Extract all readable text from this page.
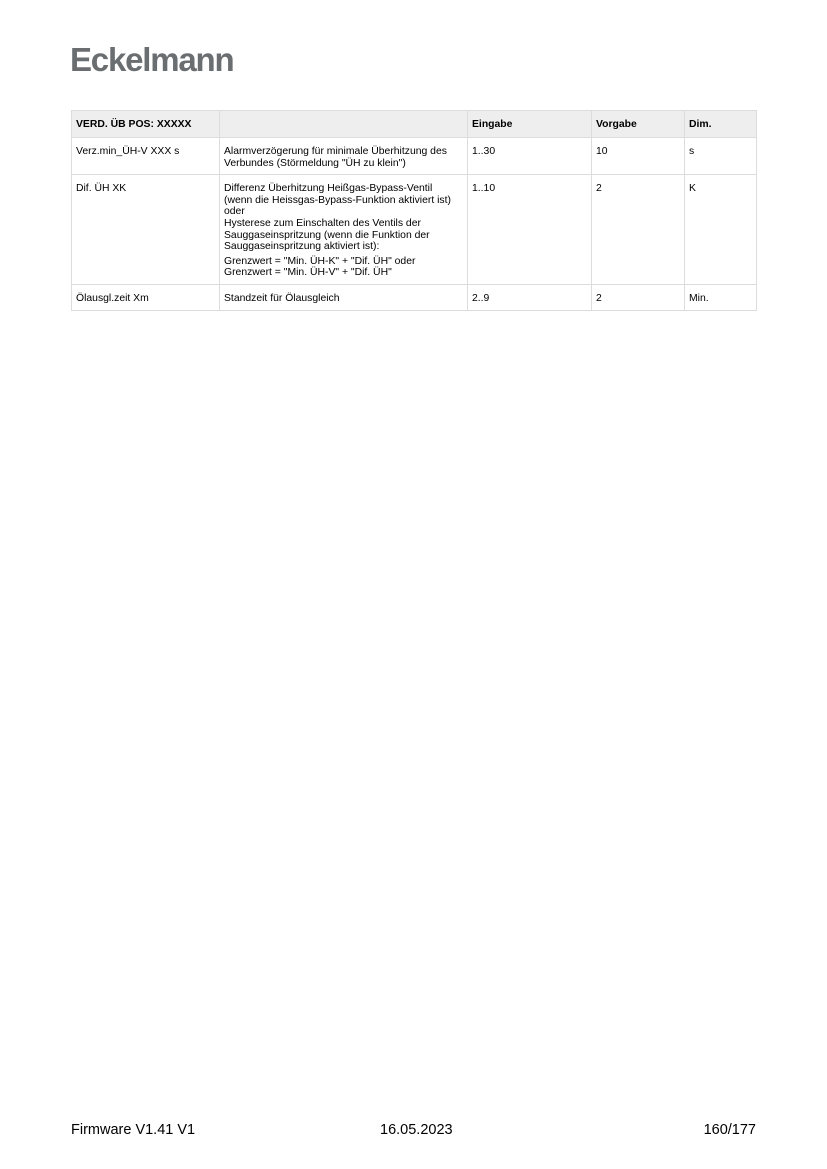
Eckelmann
VERD. ÜB POS: XXXXX		Eingabe	Vorgabe	Dim.
Verz.min_ÜH-V XXX s	Alarmverzögerung für minimale Überhitzung des Verbundes (Störmeldung "ÜH zu klein")	1..30	10	s
Dif. ÜH XK	Differenz Überhitzung Heißgas-Bypass-Ventil (wenn die Heissgas-Bypass-Funktion aktiviert ist) oder
Hysterese zum Einschalten des Ventils der Sauggaseinspritzung (wenn die Funktion der Sauggaseinspritzung aktiviert ist):
Grenzwert = "Min. ÜH-K" + "Dif. ÜH" oder
Grenzwert = "Min. ÜH-V" + "Dif. ÜH"	1..10	2	K
Ölausgl.zeit Xm	Standzeit für Ölausgleich	2..9	2	Min.
Firmware V1.41 V1	16.05.2023	160/177
